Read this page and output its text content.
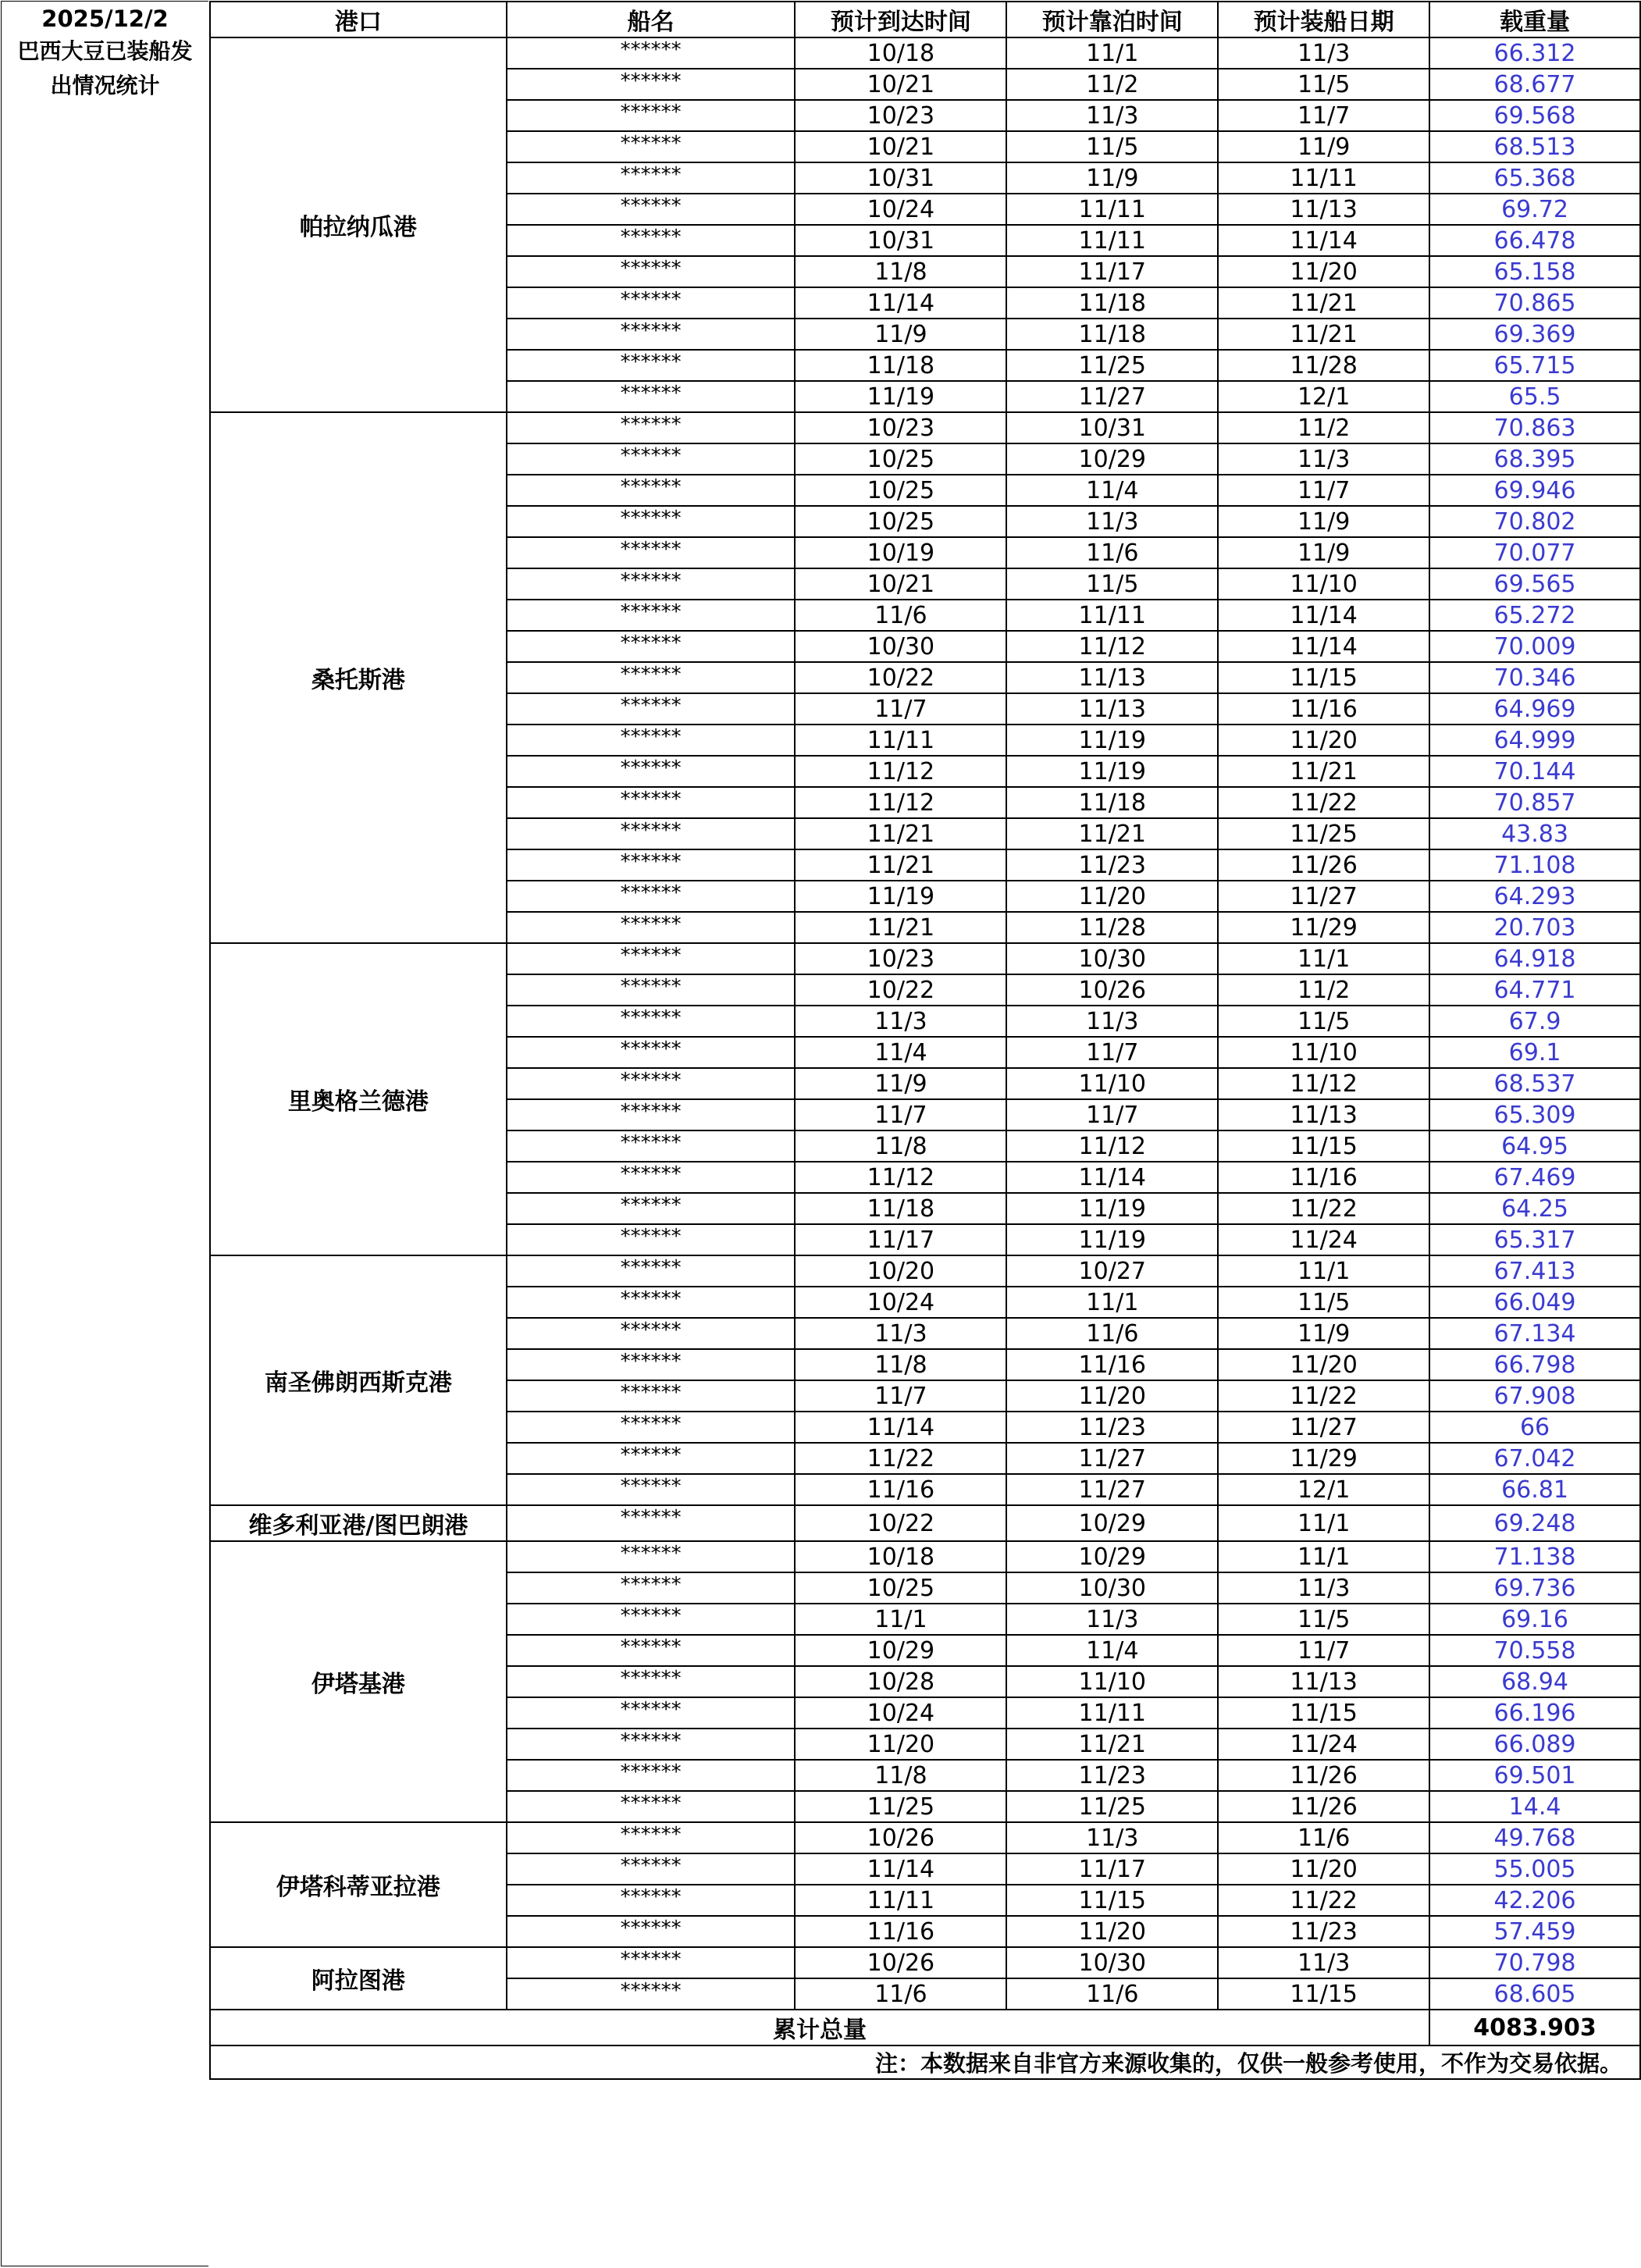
2025/12/2
巴西大豆已装船发出情况统计
港口	船名	预计到达时间	预计靠泊时间	预计装船日期	载重量
帕拉纳瓜港	******	10/18	11/1	11/3	66.312
	******	10/21	11/2	11/5	68.677
	******	10/23	11/3	11/7	69.568
	******	10/21	11/5	11/9	68.513
	******	10/31	11/9	11/11	65.368
	******	10/24	11/11	11/13	69.72
	******	10/31	11/11	11/14	66.478
	******	11/8	11/17	11/20	65.158
	******	11/14	11/18	11/21	70.865
	******	11/9	11/18	11/21	69.369
	******	11/18	11/25	11/28	65.715
	******	11/19	11/27	12/1	65.5
桑托斯港	******	10/23	10/31	11/2	70.863
	******	10/25	10/29	11/3	68.395
	******	10/25	11/4	11/7	69.946
	******	10/25	11/3	11/9	70.802
	******	10/19	11/6	11/9	70.077
	******	10/21	11/5	11/10	69.565
	******	11/6	11/11	11/14	65.272
	******	10/30	11/12	11/14	70.009
	******	10/22	11/13	11/15	70.346
	******	11/7	11/13	11/16	64.969
	******	11/11	11/19	11/20	64.999
	******	11/12	11/19	11/21	70.144
	******	11/12	11/18	11/22	70.857
	******	11/21	11/21	11/25	43.83
	******	11/21	11/23	11/26	71.108
	******	11/19	11/20	11/27	64.293
	******	11/21	11/28	11/29	20.703
里奥格兰德港	******	10/23	10/30	11/1	64.918
	******	10/22	10/26	11/2	64.771
	******	11/3	11/3	11/5	67.9
	******	11/4	11/7	11/10	69.1
	******	11/9	11/10	11/12	68.537
	******	11/7	11/7	11/13	65.309
	******	11/8	11/12	11/15	64.95
	******	11/12	11/14	11/16	67.469
	******	11/18	11/19	11/22	64.25
	******	11/17	11/19	11/24	65.317
南圣佛朗西斯克港	******	10/20	10/27	11/1	67.413
	******	10/24	11/1	11/5	66.049
	******	11/3	11/6	11/9	67.134
	******	11/8	11/16	11/20	66.798
	******	11/7	11/20	11/22	67.908
	******	11/14	11/23	11/27	66
	******	11/22	11/27	11/29	67.042
	******	11/16	11/27	12/1	66.81
维多利亚港/图巴朗港	******	10/22	10/29	11/1	69.248
伊塔基港	******	10/18	10/29	11/1	71.138
	******	10/25	10/30	11/3	69.736
	******	11/1	11/3	11/5	69.16
	******	10/29	11/4	11/7	70.558
	******	10/28	11/10	11/13	68.94
	******	10/24	11/11	11/15	66.196
	******	11/20	11/21	11/24	66.089
	******	11/8	11/23	11/26	69.501
	******	11/25	11/25	11/26	14.4
伊塔科蒂亚拉港	******	10/26	11/3	11/6	49.768
	******	11/14	11/17	11/20	55.005
	******	11/11	11/15	11/22	42.206
	******	11/16	11/20	11/23	57.459
阿拉图港	******	10/26	10/30	11/3	70.798
	******	11/6	11/6	11/15	68.605
累计总量					4083.903
注：本数据来自非官方来源收集的，仅供一般参考使用，不作为交易依据。					
